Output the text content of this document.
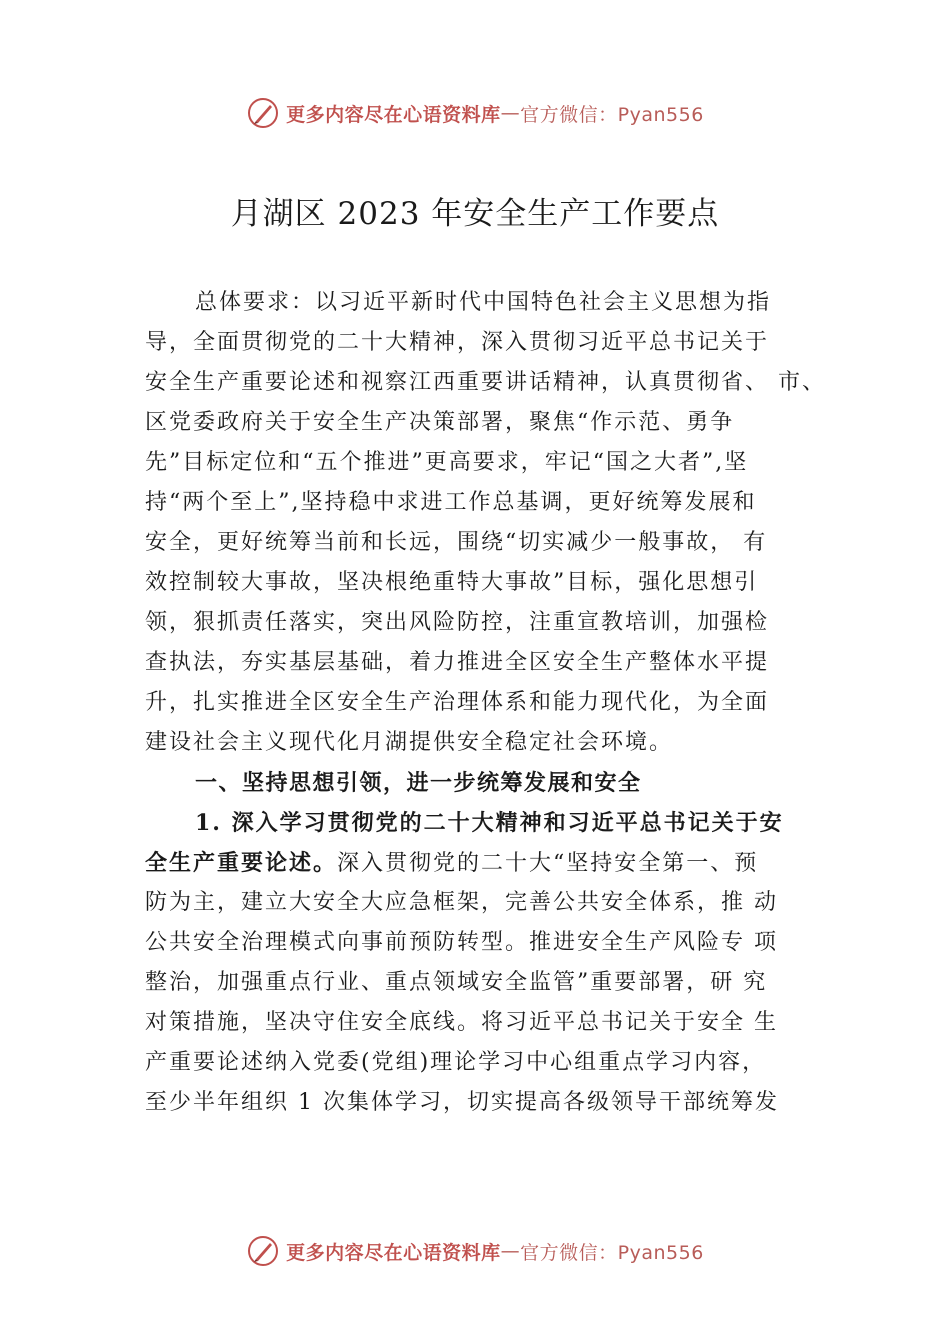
更多内容尽在心语资料库 — 官方微信：Pyan556
月湖区 2023 年安全生产工作要点
总体要求：以习近平新时代中国特色社会主义思想为指
导，全面贯彻党的二十大精神，深入贯彻习近平总书记关于
安全生产重要论述和视察江西重要讲话精神，认真贯彻省、 市、
区党委政府关于安全生产决策部署，聚焦“作示范、勇争
先”目标定位和“五个推进”更高要求，牢记“国之大者”,坚
持“两个至上”,坚持稳中求进工作总基调，更好统筹发展和
安全，更好统筹当前和长远，围绕“切实减少一般事故， 有
效控制较大事故，坚决根绝重特大事故”目标，强化思想引
领，狠抓责任落实，突出风险防控，注重宣教培训，加强检
查执法，夯实基层基础，着力推进全区安全生产整体水平提
升，扎实推进全区安全生产治理体系和能力现代化，为全面
建设社会主义现代化月湖提供安全稳定社会环境。
一、坚持思想引领，进一步统筹发展和安全
1. 深入学习贯彻党的二十大精神和习近平总书记关于安
全生产重要论述。深入贯彻党的二十大“坚持安全第一、预
防为主，建立大安全大应急框架，完善公共安全体系，推 动
公共安全治理模式向事前预防转型。推进安全生产风险专 项
整治，加强重点行业、重点领域安全监管”重要部署，研 究
对策措施，坚决守住安全底线。将习近平总书记关于安全 生
产重要论述纳入党委(党组)理论学习中心组重点学习内容，
至少半年组织 1 次集体学习，切实提高各级领导干部统筹发
更多内容尽在心语资料库 — 官方微信：Pyan556
